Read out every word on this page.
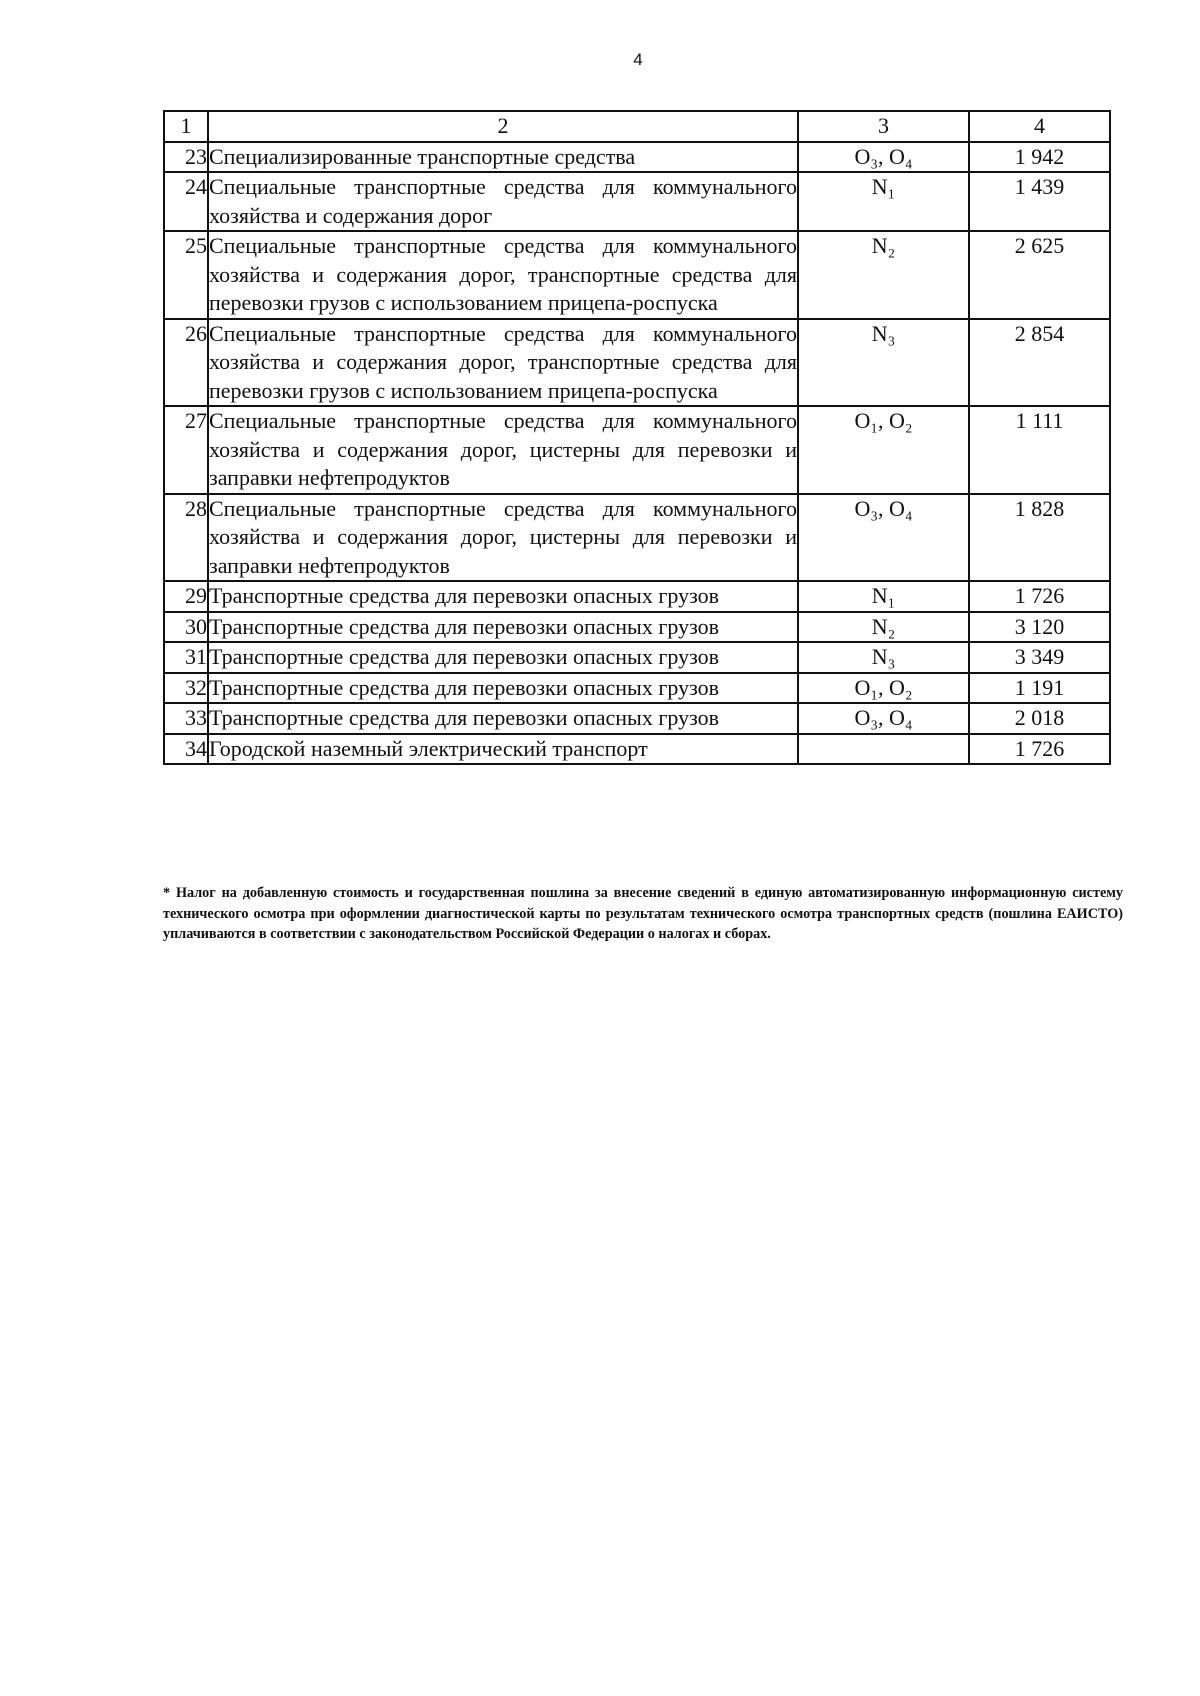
4
1	2	3	4
23	Специализированные транспортные средства	O₃, O₄	1 942
24	Специальные транспортные средства для коммунального хозяйства и содержания дорог	N₁	1 439
25	Специальные транспортные средства для коммунального хозяйства и содержания дорог, транспортные средства для перевозки грузов с использованием прицепа-роспуска	N₂	2 625
26	Специальные транспортные средства для коммунального хозяйства и содержания дорог, транспортные средства для перевозки грузов с использованием прицепа-роспуска	N₃	2 854
27	Специальные транспортные средства для коммунального хозяйства и содержания дорог, цистерны для перевозки и заправки нефтепродуктов	O₁, O₂	1 111
28	Специальные транспортные средства для коммунального хозяйства и содержания дорог, цистерны для перевозки и заправки нефтепродуктов	O₃, O₄	1 828
29	Транспортные средства для перевозки опасных грузов	N₁	1 726
30	Транспортные средства для перевозки опасных грузов	N₂	3 120
31	Транспортные средства для перевозки опасных грузов	N₃	3 349
32	Транспортные средства для перевозки опасных грузов	O₁, O₂	1 191
33	Транспортные средства для перевозки опасных грузов	O₃, O₄	2 018
34	Городской наземный электрический транспорт		1 726
* Налог на добавленную стоимость и государственная пошлина за внесение сведений в единую автоматизированную информационную систему технического осмотра при оформлении диагностической карты по результатам технического осмотра транспортных средств (пошлина ЕАИСТО) уплачиваются в соответствии с законодательством Российской Федерации о налогах и сборах.
